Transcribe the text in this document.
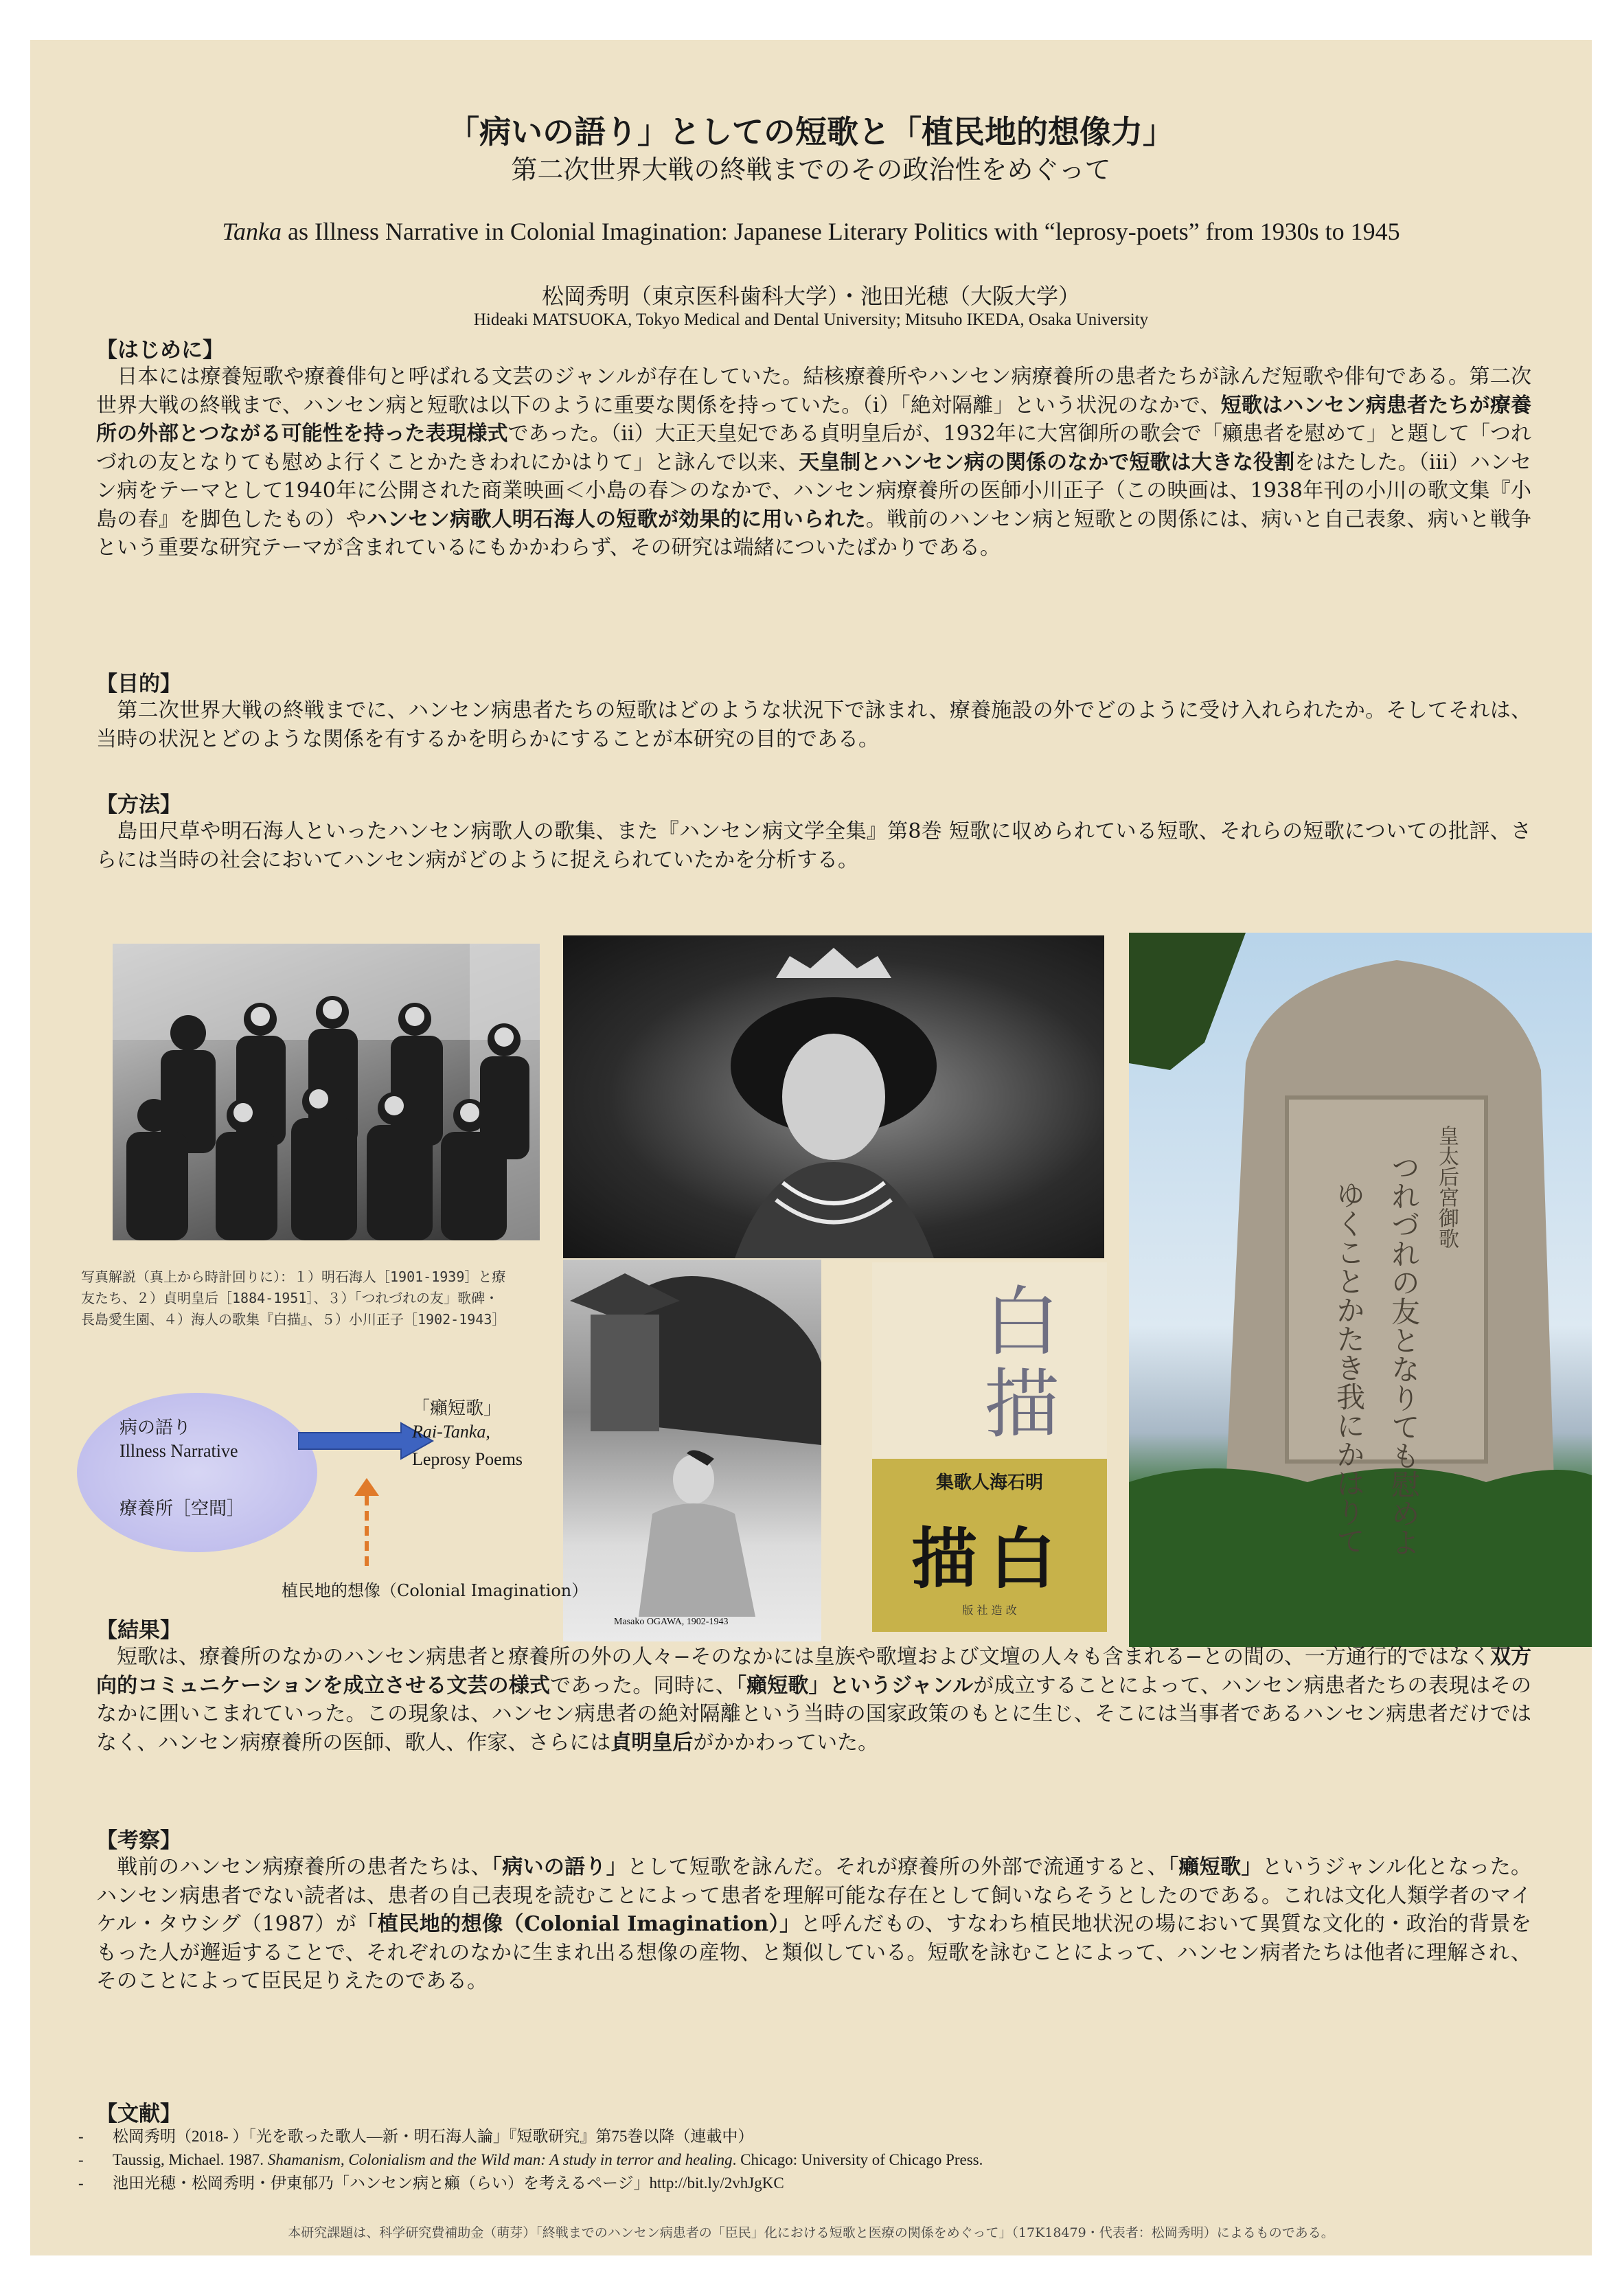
「病いの語り」としての短歌と「植民地的想像力」
第二次世界大戦の終戦までのその政治性をめぐって
Tanka as Illness Narrative in Colonial Imagination: Japanese Literary Politics with “leprosy-poets” from 1930s to 1945
松岡秀明（東京医科歯科大学）・池田光穂（大阪大学）
Hideaki MATSUOKA, Tokyo Medical and Dental University; Mitsuho IKEDA, Osaka University
【はじめに】
　日本には療養短歌や療養俳句と呼ばれる文芸のジャンルが存在していた。結核療養所やハンセン病療養所の患者たちが詠んだ短歌や俳句である。第二次世界大戦の終戦まで、ハンセン病と短歌は以下のように重要な関係を持っていた。（i）「絶対隔離」という状況のなかで、短歌はハンセン病患者たちが療養所の外部とつながる可能性を持った表現様式であった。（ii）大正天皇妃である貞明皇后が、1932年に大宮御所の歌会で「癩患者を慰めて」と題して「つれづれの友となりても慰めよ行くことかたきわれにかはりて」と詠んで以来、天皇制とハンセン病の関係のなかで短歌は大きな役割をはたした。（iii）ハンセン病をテーマとして1940年に公開された商業映画＜小島の春＞のなかで、ハンセン病療養所の医師小川正子（この映画は、1938年刊の小川の歌文集『小島の春』を脚色したもの）やハンセン病歌人明石海人の短歌が効果的に用いられた。戦前のハンセン病と短歌との関係には、病いと自己表象、病いと戦争という重要な研究テーマが含まれているにもかかわらず、その研究は端緒についたばかりである。
【目的】
　第二次世界大戦の終戦までに、ハンセン病患者たちの短歌はどのような状況下で詠まれ、療養施設の外でどのように受け入れられたか。そしてそれは、当時の状況とどのような関係を有するかを明らかにすることが本研究の目的である。
【方法】
　島田尺草や明石海人といったハンセン病歌人の歌集、また『ハンセン病文学全集』第8巻 短歌に収められている短歌、それらの短歌についての批評、さらには当時の社会においてハンセン病がどのように捉えられていたかを分析する。
皇太后宮御歌
つれづれの友となりても慰めよ
ゆくことかたき我にかはりて
写真解説（真上から時計回りに）：１）明石海人［1901-1939］と療友たち、２）貞明皇后［1884-1951］、３）「つれづれの友」歌碑・長島愛生園、４）海人の歌集『白描』、５）小川正子［1902-1943］
Masako OGAWA, 1902-1943
白描
集歌人海石明
描白
版 社 造 改
病の語り
Illness Narrative
療養所［空間］
「癩短歌」
Rai-Tanka,
Leprosy Poems
植民地的想像（Colonial Imagination）
【結果】
　短歌は、療養所のなかのハンセン病患者と療養所の外の人々−そのなかには皇族や歌壇および文壇の人々も含まれる−との間の、一方通行的ではなく双方向的コミュニケーションを成立させる文芸の様式であった。同時に、「癩短歌」というジャンルが成立することによって、ハンセン病患者たちの表現はそのなかに囲いこまれていった。この現象は、ハンセン病患者の絶対隔離という当時の国家政策のもとに生じ、そこには当事者であるハンセン病患者だけではなく、ハンセン病療養所の医師、歌人、作家、さらには貞明皇后がかかわっていた。
【考察】
　戦前のハンセン病療養所の患者たちは、「病いの語り」として短歌を詠んだ。それが療養所の外部で流通すると、「癩短歌」というジャンル化となった。ハンセン病患者でない読者は、患者の自己表現を読むことによって患者を理解可能な存在として飼いならそうとしたのである。これは文化人類学者のマイケル・タウシグ（1987）が「植民地的想像（Colonial Imagination）」と呼んだもの、すなわち植民地状況の場において異質な文化的・政治的背景をもった人が邂逅することで、それぞれのなかに生まれ出る想像の産物、と類似している。短歌を詠むことによって、ハンセン病者たちは他者に理解され、そのことによって臣民足りえたのである。
【文献】
- 松岡秀明（2018- ）「光を歌った歌人—新・明石海人論」『短歌研究』第75巻以降（連載中）
- Taussig, Michael. 1987. Shamanism, Colonialism and the Wild man: A study in terror and healing. Chicago: University of Chicago Press.
- 池田光穂・松岡秀明・伊東郁乃「ハンセン病と癩（らい）を考えるページ」http://bit.ly/2vhJgKC
本研究課題は、科学研究費補助金（萌芽）「終戦までのハンセン病患者の「臣民」化における短歌と医療の関係をめぐって」（17K18479・代表者：松岡秀明）によるものである。
